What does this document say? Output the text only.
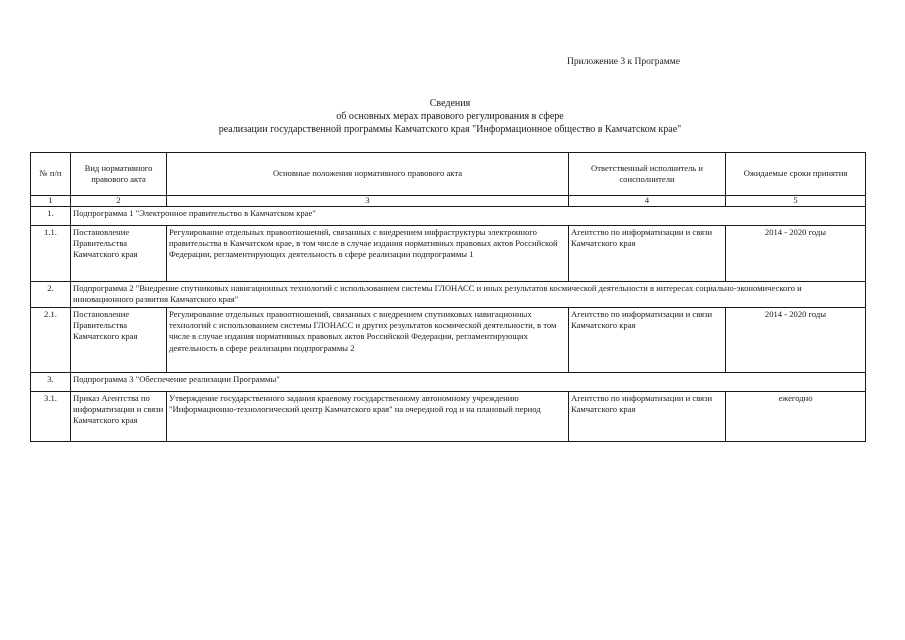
Приложение 3 к Программе
Сведения
об основных мерах правового регулирования в сфере
реализации государственной программы Камчатского края "Информационное общество в Камчатском крае"
№ п/п	Вид нормативного правового акта	Основные положения нормативного правового акта	Ответственный исполнитель и соисполнители	Ожидаемые сроки принятия
1	2	3	4	5
1.	Подпрограмма 1 "Электронное правительство в Камчатском крае"			
1.1.	Постановление Правительства Камчатского края	Регулирование отдельных правоотношений, связанных с внедрением инфраструктуры электронного правительства в Камчатском крае, в том числе в случае издания нормативных правовых актов Российской Федерации, регламентирующих деятельность в сфере реализации подпрограммы 1	Агентство по информатизации и связи Камчатского края	2014 - 2020 годы
2.	Подпрограмма 2 "Внедрение спутниковых навигационных технологий с использованием системы ГЛОНАСС и иных результатов космической деятельности в интересах социально-экономического и инновационного развития Камчатского края"			
2.1.	Постановление Правительства Камчатского края	Регулирование отдельных правоотношений, связанных с внедрением спутниковых навигационных технологий с использованием системы ГЛОНАСС и других результатов космической деятельности, в том числе в случае издания нормативных правовых актов Российской Федерации, регламентирующих деятельность в сфере реализации подпрограммы 2	Агентство по информатизации и связи Камчатского края	2014 - 2020 годы
3.	Подпрограмма 3 "Обеспечение реализации Программы"			
3.1.	Приказ Агентства по информатизации и связи Камчатского края	Утверждение государственного задания краевому государственному автономному учреждению "Информационно-технологический центр Камчатского края" на очередной год и на плановый период	Агентство по информатизации и связи Камчатского края	ежегодно
